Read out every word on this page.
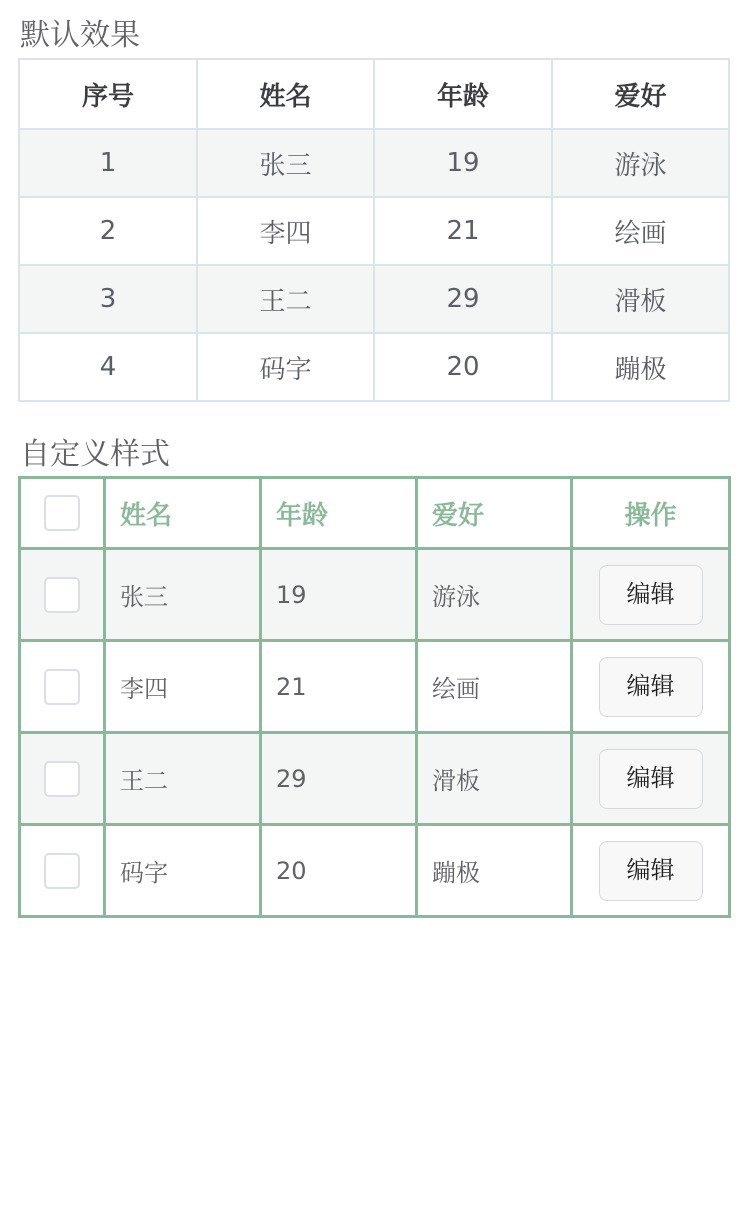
默认效果
序号	姓名	年龄	爱好
1	张三	19	游泳
2	李四	21	绘画
3	王二	29	滑板
4	码字	20	蹦极
自定义样式
	姓名	年龄	爱好	操作
	张三	19	游泳	编辑
	李四	21	绘画	编辑
	王二	29	滑板	编辑
	码字	20	蹦极	编辑
